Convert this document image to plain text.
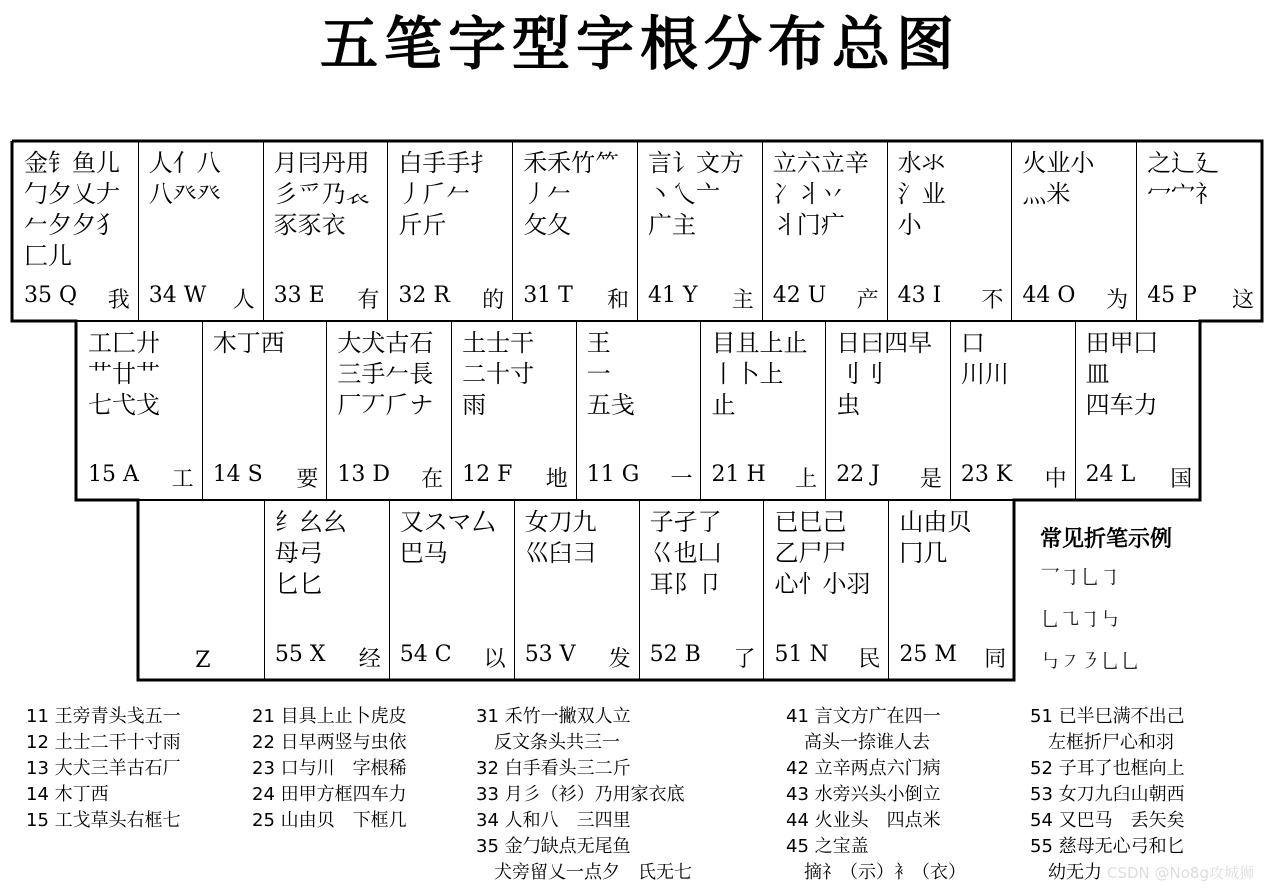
五笔字型字根分布总图
金钅鱼儿
勹夕乂𠂇
𠂉夕夕犭
匚儿
35 Q 我
人亻八
八癶癶
34 W 人
月冃丹用
彡爫乃𧘇
豕豕衣
33 E 有
白手手扌
丿𠂆𠂉
斤斤
32 R 的
禾禾竹⺮
丿𠂉
攵夂
31 T 和
言讠文方
丶乀亠
广主
41 Y 主
立六立辛
冫丬丷
丬门疒
42 U 产
水氺
氵业
小
43 I 不
火业小
灬米
44 O 为
之辶廴
冖宀礻
45 P 这
工匚廾
艹廿艹
七弋戈
15 A 工
木丁西
14 S 要
大犬古石
三手𠂉長
厂丆𠂆ナ
13 D 在
土士干
二十寸
雨
12 F 地
王
一
五戋
11 G 一
目且上止
丨卜上
止
21 H 上
日曰四早
刂刂
虫
22 J 是
口
川川
23 K 中
田甲囗
皿
四车力
24 L 国
Z
纟幺幺
母弓
匕匕
55 X 经
又スマ厶
巴马
54 C 以
女刀九
巛臼彐
53 V 发
子孑了
巜也凵
耳阝卩
52 B 了
已巳己
乙尸尸
心忄小羽
51 N 民
山由贝
冂几
25 M 同
常见折笔示例
乛㇆乚㇆
乚㇈㇆㇉
㇉㇇㇋乚乚
11 王旁青头戋五一
12 土士二干十寸雨
13 大犬三羊古石厂
14 木丁西
15 工戈草头右框七
21 目具上止卜虎皮
22 日早两竖与虫依
23 口与川　字根稀
24 田甲方框四车力
25 山由贝　下框几
31 禾竹一撇双人立
　反文条头共三一
32 白手看头三二斤
33 月彡（衫）乃用家衣底
34 人和八　三四里
35 金勹缺点无尾鱼
　犬旁留乂一点夕　氏无七
41 言文方广在四一
　高头一捺谁人去
42 立辛两点六门病
43 水旁兴头小倒立
44 火业头　四点米
45 之宝盖
　摘礻（示）衤（衣）
51 已半巳满不出己
　左框折尸心和羽
52 子耳了也框向上
53 女刀九臼山朝西
54 又巴马　丢矢矣
55 慈母无心弓和匕
　幼无力 CSDN @No8g攻城狮
